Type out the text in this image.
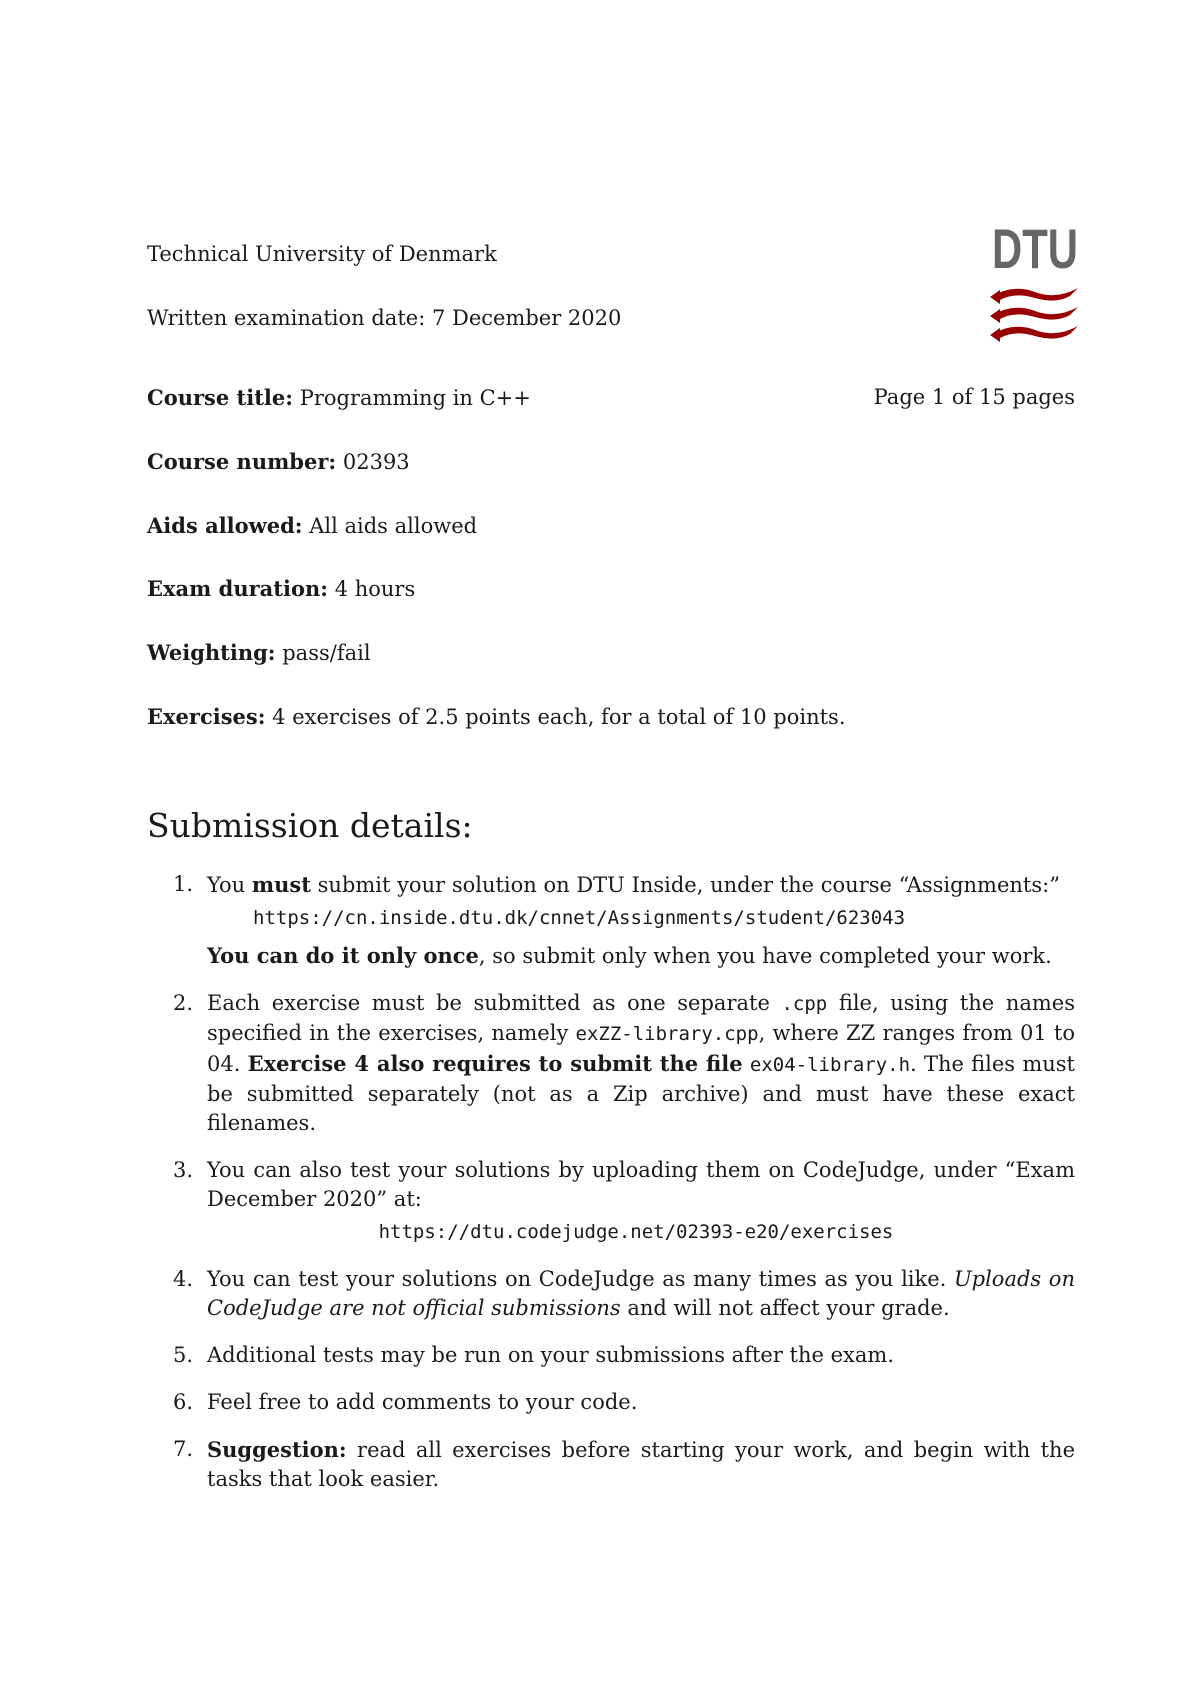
Technical University of Denmark
Written examination date: 7 December 2020
DTU
Course title: Programming in C++	Page 1 of 15 pages
Course number: 02393
Aids allowed: All aids allowed
Exam duration: 4 hours
Weighting: pass/fail
Exercises: 4 exercises of 2.5 points each, for a total of 10 points.
Submission details:
1. You must submit your solution on DTU Inside, under the course “Assignments:”
https://cn.inside.dtu.dk/cnnet/Assignments/student/623043
You can do it only once, so submit only when you have completed your work.
2. Each exercise must be submitted as one separate .cpp file, using the names specified in the exercises, namely exZZ-library.cpp, where ZZ ranges from 01 to 04. Exercise 4 also requires to submit the file ex04-library.h. The files must be submitted separately (not as a Zip archive) and must have these exact filenames.
3. You can also test your solutions by uploading them on CodeJudge, under “Exam December 2020” at:
https://dtu.codejudge.net/02393-e20/exercises
4. You can test your solutions on CodeJudge as many times as you like. Uploads on CodeJudge are not official submissions and will not affect your grade.
5. Additional tests may be run on your submissions after the exam.
6. Feel free to add comments to your code.
7. Suggestion: read all exercises before starting your work, and begin with the tasks that look easier.
